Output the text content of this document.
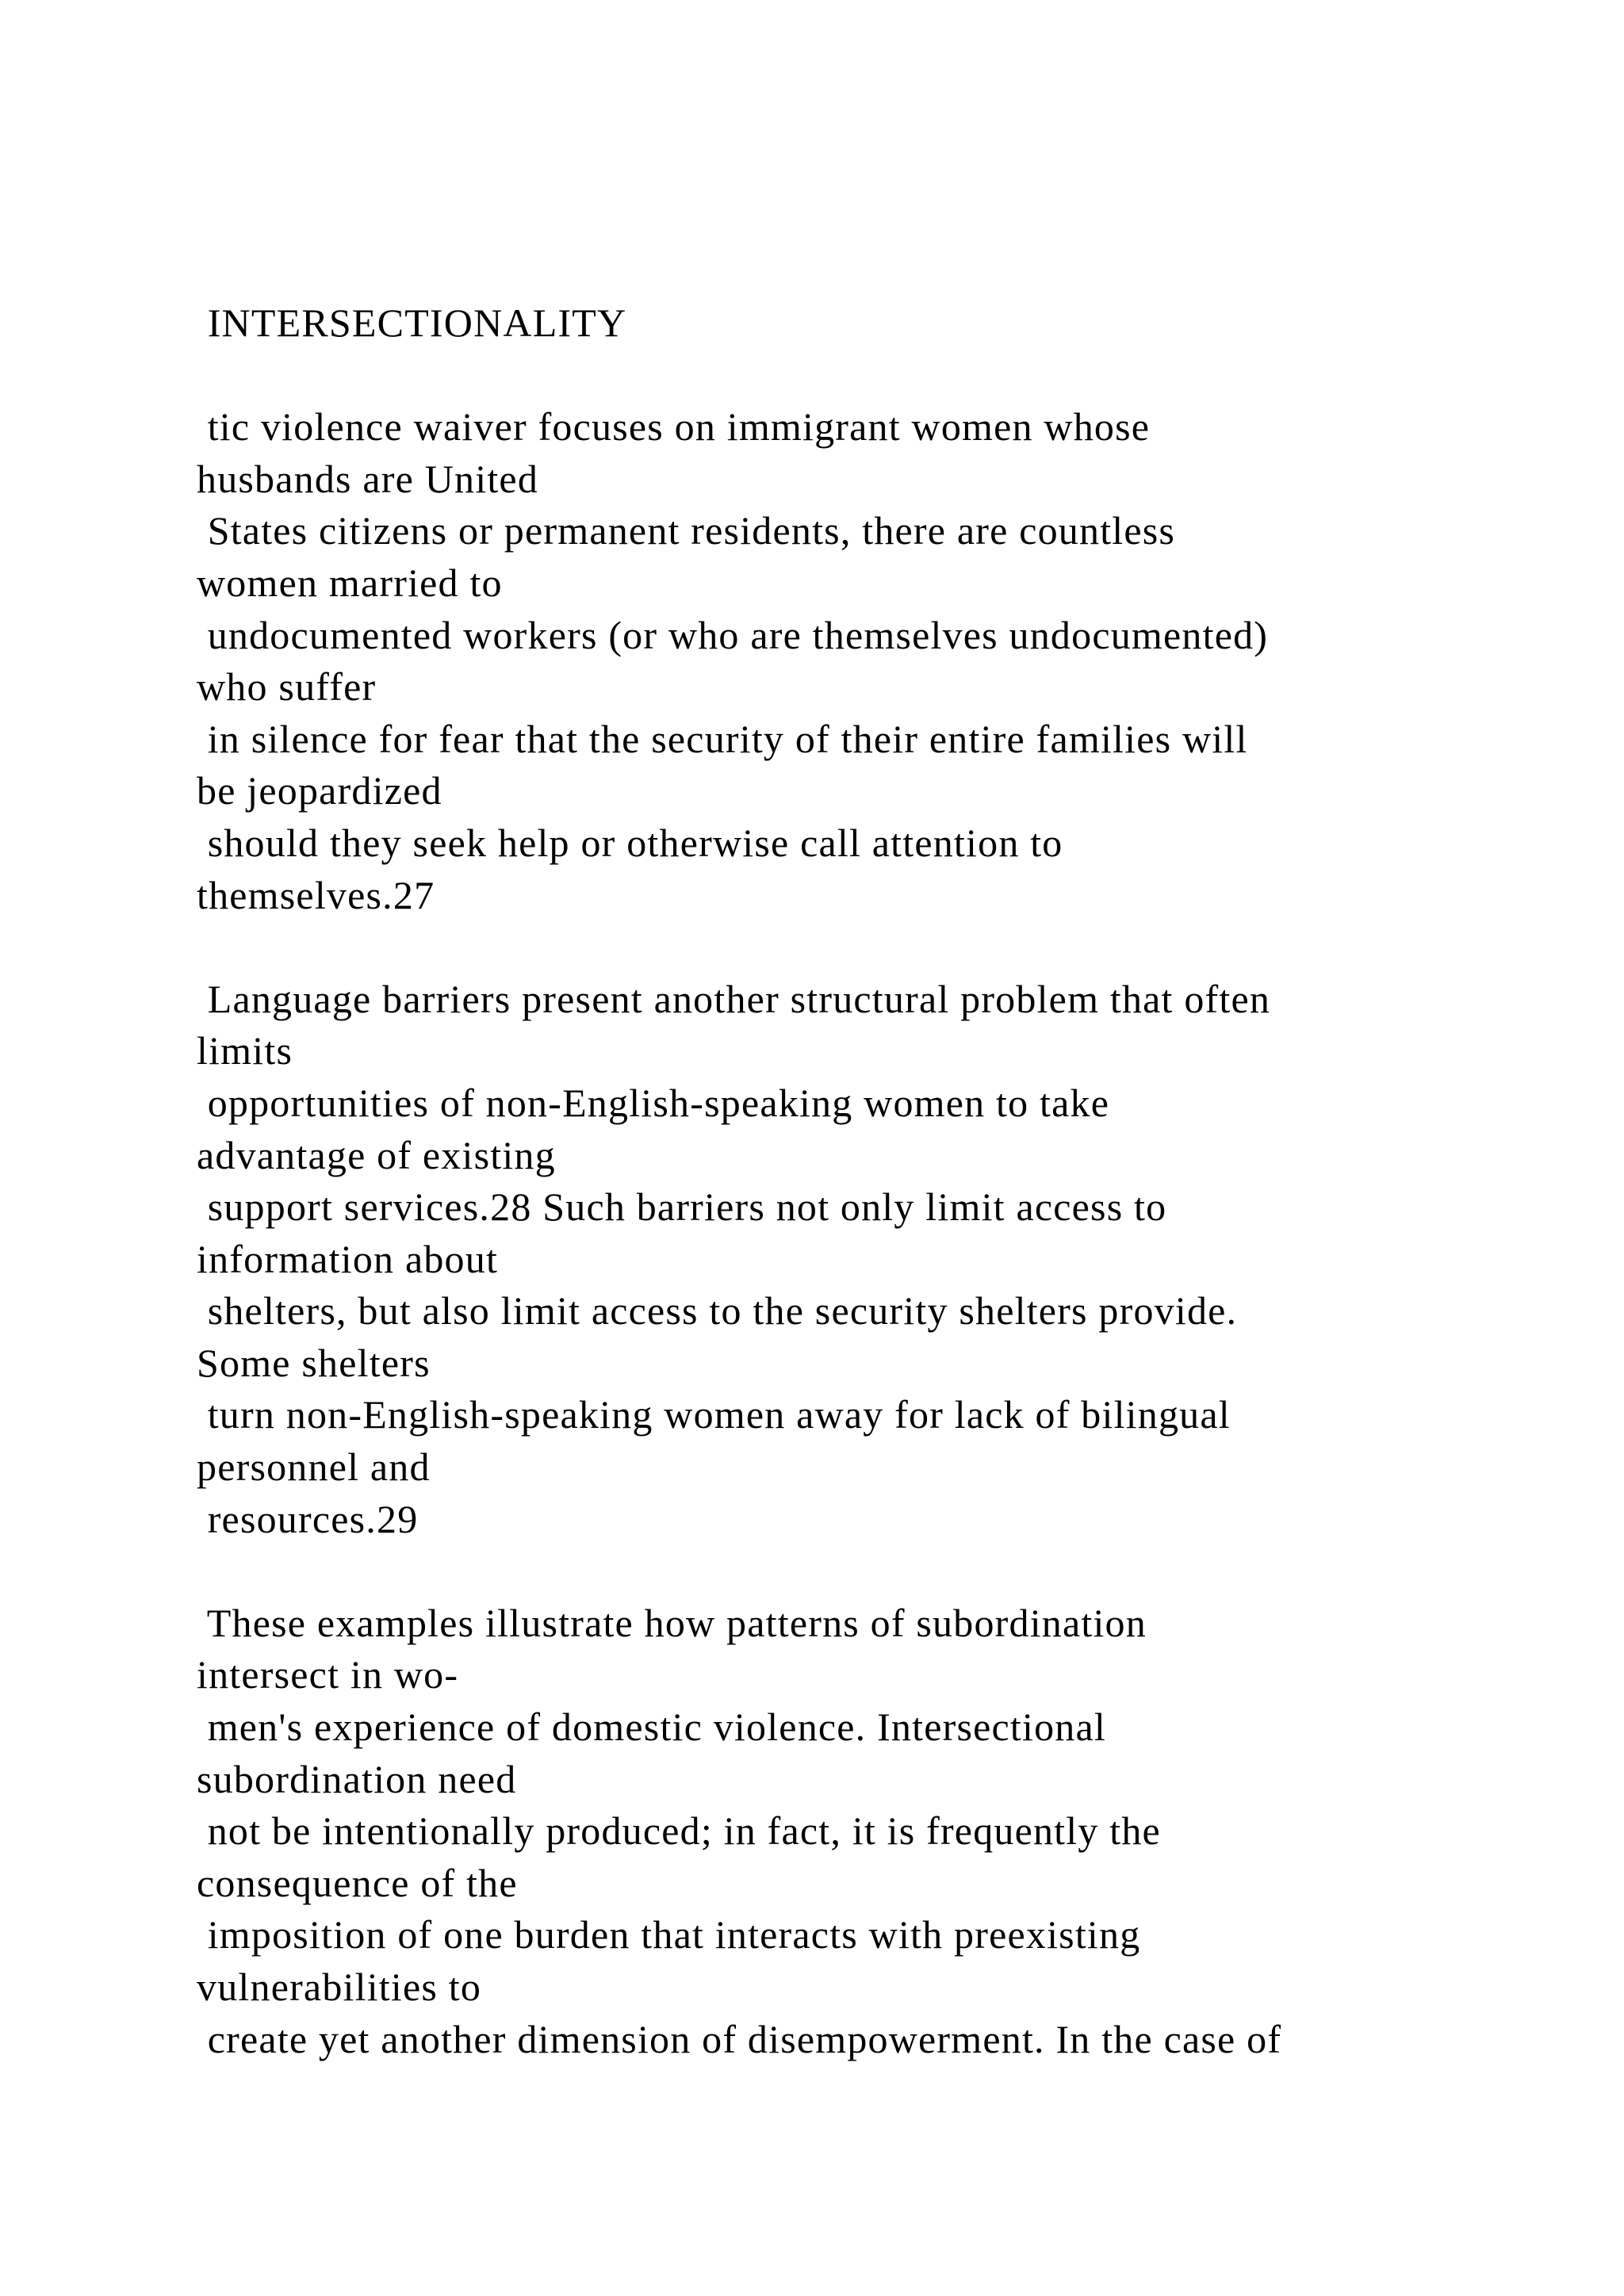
INTERSECTIONALITY
tic violence waiver focuses on immigrant women whose
husbands are United
States citizens or permanent residents, there are countless
women married to
undocumented workers (or who are themselves undocumented)
who suffer
in silence for fear that the security of their entire families will
be jeopardized
should they seek help or otherwise call attention to
themselves.27
Language barriers present another structural problem that often
limits
opportunities of non-English-speaking women to take
advantage of existing
support services.28 Such barriers not only limit access to
information about
shelters, but also limit access to the security shelters provide.
Some shelters
turn non-English-speaking women away for lack of bilingual
personnel and
resources.29
These examples illustrate how patterns of subordination
intersect in wo-
men's experience of domestic violence. Intersectional
subordination need
not be intentionally produced; in fact, it is frequently the
consequence of the
imposition of one burden that interacts with preexisting
vulnerabilities to
create yet another dimension of disempowerment. In the case of
